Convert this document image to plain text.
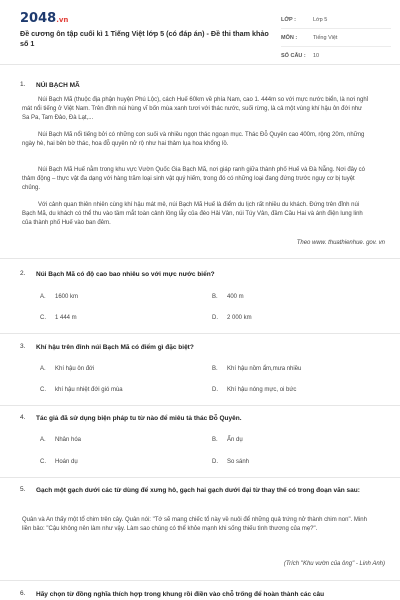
2048.vn
Đề cương ôn tập cuối kì 1 Tiếng Việt lớp 5 (có đáp án) - Đề thi tham khảo số 1
LỚP :	Lớp 5
MÔN :	Tiếng Việt
SỐ CÂU :	10
1. NÚI BẠCH MÃ
Núi Bạch Mã (thuộc địa phận huyện Phú Lộc), cách Huế 60km về phía Nam, cao 1. 444m so với mực nước biển, là nơi nghỉ mát nổi tiếng ở Việt Nam. Trên đỉnh núi hùng vĩ bốn mùa xanh tươi với thác nước, suối rừng, là cả một vùng khí hậu ôn đới như Sa Pa, Tam Đảo, Đà Lạt,...
Núi Bạch Mã nổi tiếng bởi có những con suối và nhiều ngọn thác ngoạn mục. Thác Đỗ Quyên cao 400m, rộng 20m, những ngày hè, hai bên bờ thác, hoa đỗ quyên nở rộ như hai thảm lụa hoa khổng lồ.
Núi Bạch Mã Huế nằm trong khu vực Vườn Quốc Gia Bạch Mã, nơi giáp ranh giữa thành phố Huế và Đà Nẵng. Nơi đây có thảm động – thực vật đa dạng với hàng trăm loại sinh vật quý hiếm, trong đó có những loại đang đứng trước nguy cơ bị tuyệt chủng.
Với cảnh quan thiên nhiên cùng khí hậu mát mẻ, núi Bạch Mã Huế là điểm du lịch rất nhiều du khách. Đứng trên đỉnh núi Bạch Mã, du khách có thể thu vào tầm mắt toàn cảnh lồng lẫy của đèo Hải Vân, núi Túy Vân, đầm Cầu Hai và ánh điện lung linh của thành phố Huế vào ban đêm.
Theo www. thuathienhue. gov. vn
2. Núi Bạch Mã có độ cao bao nhiêu so với mực nước biển?
A. 1600 km	B. 400 m
C. 1 444 m	D. 2 000 km
3. Khí hậu trên đỉnh núi Bạch Mã có điểm gì đặc biệt?
A. Khí hậu ôn đới	B. Khí hậu nồm ẩm,mưa nhiều
C. khí hậu nhiệt đới gió mùa	D. Khí hậu nóng mực, oi bức
4. Tác giả đã sử dụng biện pháp tu từ nào để miêu tả thác Đỗ Quyên.
A. Nhân hóa	B. Ẩn dụ
C. Hoán dụ	D. So sánh
5. Gạch một gạch dưới các từ dùng để xưng hô, gạch hai gạch dưới đại từ thay thế có trong đoạn văn sau:
Quân và An thấy một tổ chim trên cây. Quân nói: "Tớ sẽ mang chiếc tổ này về nuôi để những quả trứng nở thành chim non". Minh liền bảo: "Cậu không nên làm như vậy. Làm sao chúng có thể khỏe mạnh khi sống thiếu tình thương của mẹ?".
(Trích "Khu vườn của ông" - Linh Anh)
6. Hãy chọn từ đồng nghĩa thích hợp trong khung rồi điền vào chỗ trống để hoàn thành các câu
